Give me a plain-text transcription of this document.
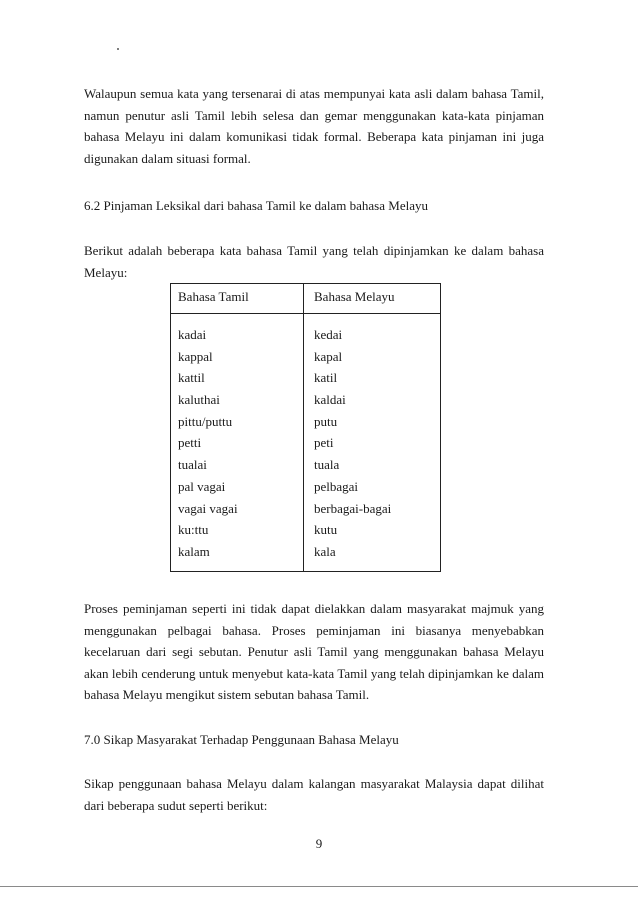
Walaupun semua kata yang tersenarai di atas mempunyai kata asli dalam bahasa Tamil, namun penutur asli Tamil lebih selesa dan gemar menggunakan kata-kata pinjaman bahasa Melayu ini dalam komunikasi tidak formal. Beberapa kata pinjaman ini juga digunakan dalam situasi formal.

6.2 Pinjaman Leksikal dari bahasa Tamil ke dalam bahasa Melayu

Berikut adalah beberapa kata bahasa Tamil yang telah dipinjamkan ke dalam bahasa Melayu:

Bahasa Tamil	Bahasa Melayu
kadai	kedai
kappal	kapal
kattil	katil
kaluthai	kaldai
pittu/puttu	putu
petti	peti
tualai	tuala
pal vagai	pelbagai
vagai vagai	berbagai-bagai
ku:ttu	kutu
kalam	kala

Proses peminjaman seperti ini tidak dapat dielakkan dalam masyarakat majmuk yang menggunakan pelbagai bahasa. Proses peminjaman ini biasanya menyebabkan kecelaruan dari segi sebutan. Penutur asli Tamil yang menggunakan bahasa Melayu akan lebih cenderung untuk menyebut kata-kata Tamil yang telah dipinjamkan ke dalam bahasa Melayu mengikut sistem sebutan bahasa Tamil.

7.0 Sikap Masyarakat Terhadap Penggunaan Bahasa Melayu

Sikap penggunaan bahasa Melayu dalam kalangan masyarakat Malaysia dapat dilihat dari beberapa sudut seperti berikut:

9
